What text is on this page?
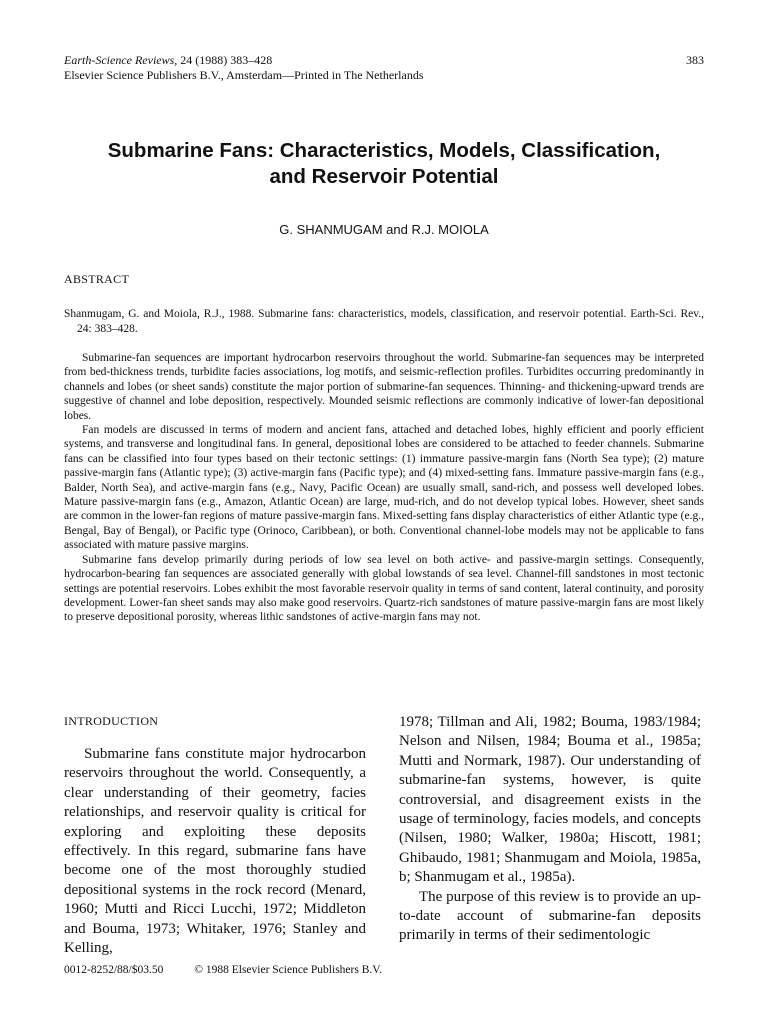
Earth-Science Reviews, 24 (1988) 383–428
Elsevier Science Publishers B.V., Amsterdam—Printed in The Netherlands
383
Submarine Fans: Characteristics, Models, Classification,
and Reservoir Potential
G. SHANMUGAM and R.J. MOIOLA
ABSTRACT
Shanmugam, G. and Moiola, R.J., 1988. Submarine fans: characteristics, models, classification, and reservoir potential. Earth-Sci. Rev., 24: 383–428.

Submarine-fan sequences are important hydrocarbon reservoirs throughout the world. Submarine-fan sequences may be interpreted from bed-thickness trends, turbidite facies associations, log motifs, and seismic-reflection profiles. Turbidites occurring predominantly in channels and lobes (or sheet sands) constitute the major portion of submarine-fan sequences. Thinning- and thickening-upward trends are suggestive of channel and lobe deposition, respectively. Mounded seismic reflections are commonly indicative of lower-fan depositional lobes.

Fan models are discussed in terms of modern and ancient fans, attached and detached lobes, highly efficient and poorly efficient systems, and transverse and longitudinal fans. In general, depositional lobes are considered to be attached to feeder channels. Submarine fans can be classified into four types based on their tectonic settings: (1) immature passive-margin fans (North Sea type); (2) mature passive-margin fans (Atlantic type); (3) active-margin fans (Pacific type); and (4) mixed-setting fans. Immature passive-margin fans (e.g., Balder, North Sea), and active-margin fans (e.g., Navy, Pacific Ocean) are usually small, sand-rich, and possess well developed lobes. Mature passive-margin fans (e.g., Amazon, Atlantic Ocean) are large, mud-rich, and do not develop typical lobes. However, sheet sands are common in the lower-fan regions of mature passive-margin fans. Mixed-setting fans display characteristics of either Atlantic type (e.g., Bengal, Bay of Bengal), or Pacific type (Orinoco, Caribbean), or both. Conventional channel-lobe models may not be applicable to fans associated with mature passive margins.

Submarine fans develop primarily during periods of low sea level on both active- and passive-margin settings. Consequently, hydrocarbon-bearing fan sequences are associated generally with global lowstands of sea level. Channel-fill sandstones in most tectonic settings are potential reservoirs. Lobes exhibit the most favorable reservoir quality in terms of sand content, lateral continuity, and porosity development. Lower-fan sheet sands may also make good reservoirs. Quartz-rich sandstones of mature passive-margin fans are most likely to preserve depositional porosity, whereas lithic sandstones of active-margin fans may not.

INTRODUCTION

Submarine fans constitute major hydrocarbon reservoirs throughout the world. Consequently, a clear understanding of their geometry, facies relationships, and reservoir quality is critical for exploring and exploiting these deposits effectively. In this regard, submarine fans have become one of the most thoroughly studied depositional systems in the rock record (Menard, 1960; Mutti and Ricci Lucchi, 1972; Middleton and Bouma, 1973; Whitaker, 1976; Stanley and Kelling,

1978; Tillman and Ali, 1982; Bouma, 1983/1984; Nelson and Nilsen, 1984; Bouma et al., 1985a; Mutti and Normark, 1987). Our understanding of submarine-fan systems, however, is quite controversial, and disagreement exists in the usage of terminology, facies models, and concepts (Nilsen, 1980; Walker, 1980a; Hiscott, 1981; Ghibaudo, 1981; Shanmugam and Moiola, 1985a, b; Shanmugam et al., 1985a).

The purpose of this review is to provide an up-to-date account of submarine-fan deposits primarily in terms of their sedimentologic

0012-8252/88/$03.50	© 1988 Elsevier Science Publishers B.V.
